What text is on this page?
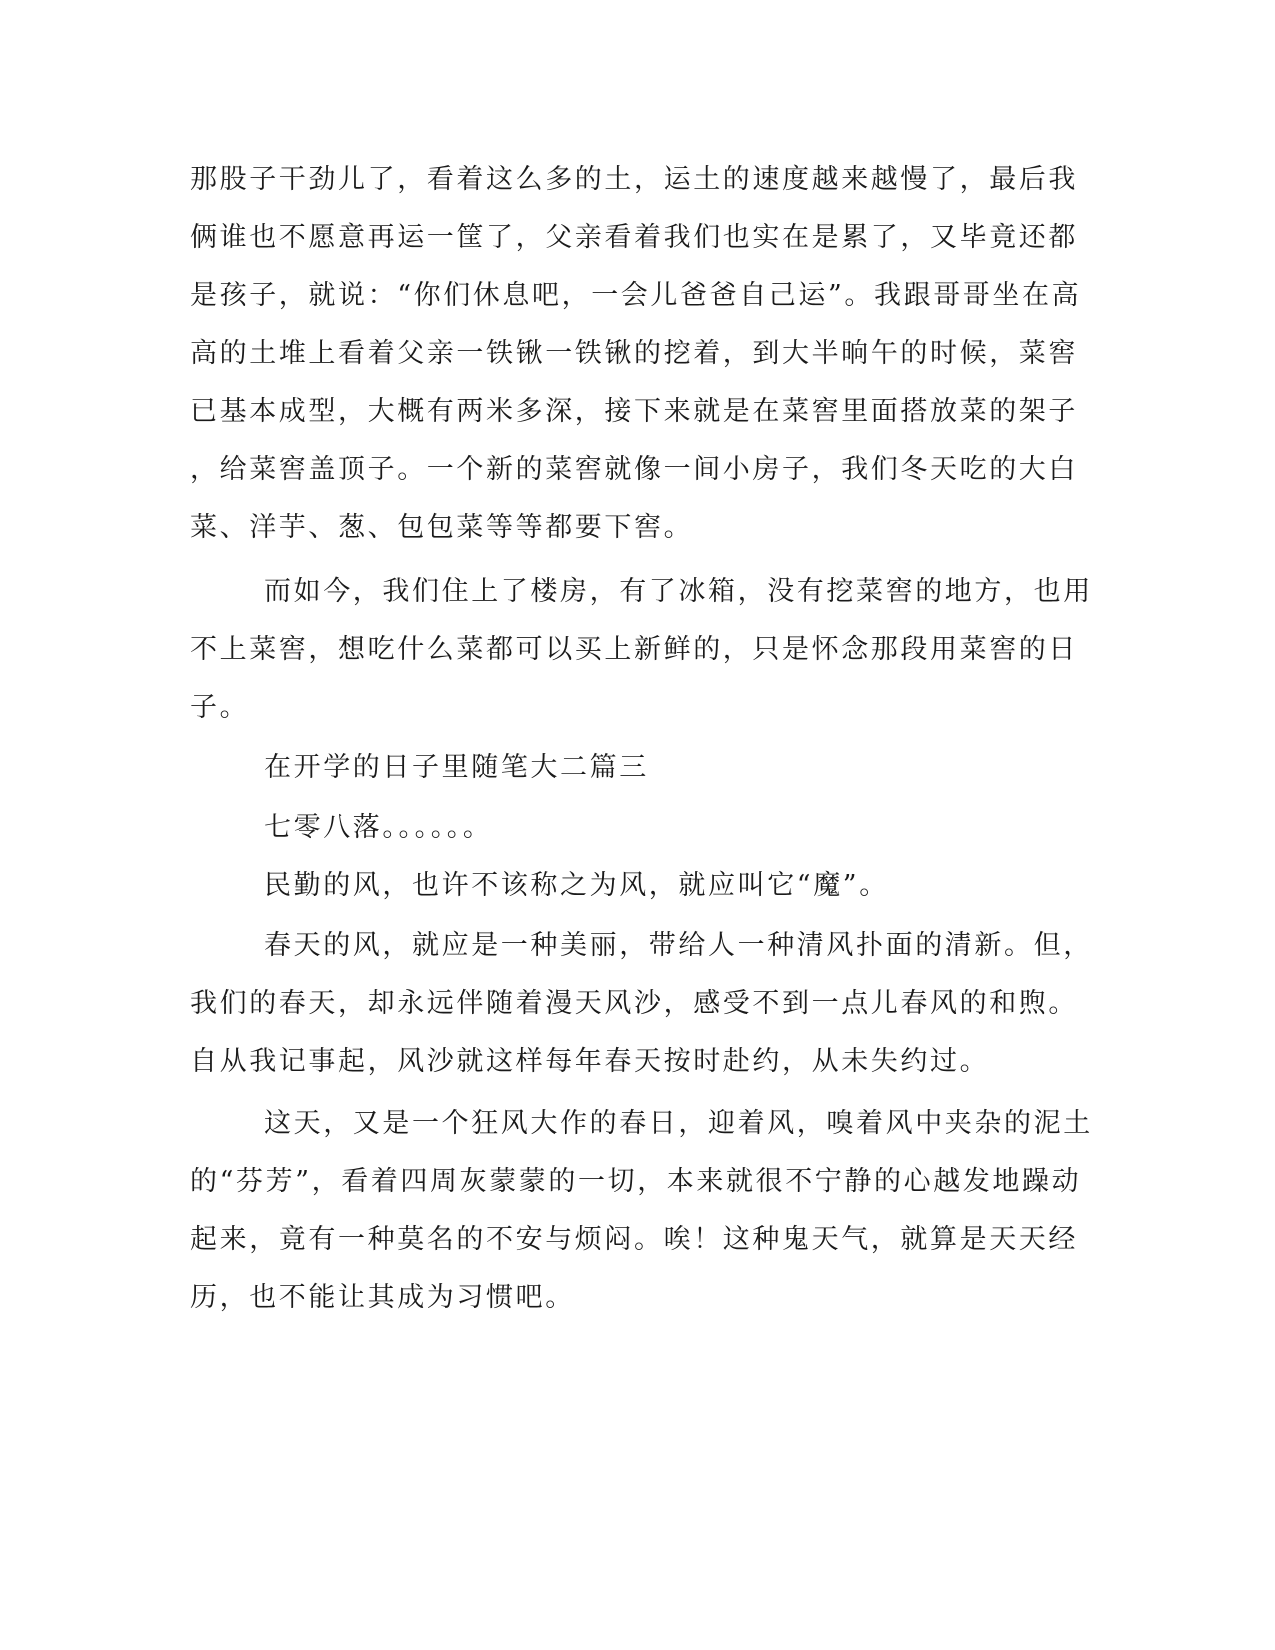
那股子干劲儿了，看着这么多的土，运土的速度越来越慢了，最后我
俩谁也不愿意再运一筐了，父亲看着我们也实在是累了，又毕竟还都
是孩子，就说：“你们休息吧，一会儿爸爸自己运”。我跟哥哥坐在高
高的土堆上看着父亲一铁锹一铁锹的挖着，到大半晌午的时候，菜窖
已基本成型，大概有两米多深，接下来就是在菜窖里面搭放菜的架子
，给菜窖盖顶子。一个新的菜窖就像一间小房子，我们冬天吃的大白
菜、洋芋、葱、包包菜等等都要下窖。
而如今，我们住上了楼房，有了冰箱，没有挖菜窖的地方，也用
不上菜窖，想吃什么菜都可以买上新鲜的，只是怀念那段用菜窖的日
子。
在开学的日子里随笔大二篇三
七零八落。。。。。。
民勤的风，也许不该称之为风，就应叫它“魔”。
春天的风，就应是一种美丽，带给人一种清风扑面的清新。但，
我们的春天，却永远伴随着漫天风沙，感受不到一点儿春风的和煦。
自从我记事起，风沙就这样每年春天按时赴约，从未失约过。
这天，又是一个狂风大作的春日，迎着风，嗅着风中夹杂的泥土
的“芬芳”，看着四周灰蒙蒙的一切，本来就很不宁静的心越发地躁动
起来，竟有一种莫名的不安与烦闷。唉！这种鬼天气，就算是天天经
历，也不能让其成为习惯吧。
